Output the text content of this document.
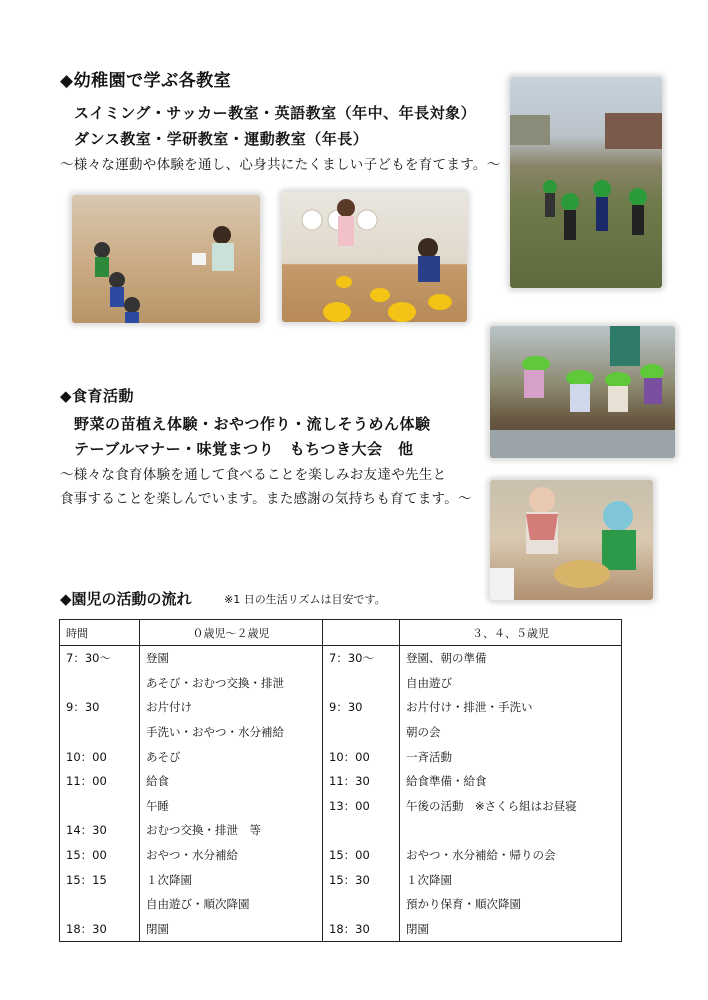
◆幼稚園で学ぶ各教室
スイミング・サッカー教室・英語教室（年中、年長対象）
ダンス教室・学研教室・運動教室（年長）
～様々な運動や体験を通し、心身共にたくましい子どもを育てます。～
◆食育活動
野菜の苗植え体験・おやつ作り・流しそうめん体験
テーブルマナー・味覚まつり　もちつき大会　他
～様々な食育体験を通して食べることを楽しみお友達や先生と
食事することを楽しんでいます。また感謝の気持ちも育てます。～
◆園児の活動の流れ	※1 日の生活リズムは目安です。
時間	０歳児～２歳児		３、４、５歳児
7：30～	登園	7：30～	登園、朝の準備
	あそび・おむつ交換・排泄		自由遊び
9：30	お片付け	9：30	お片付け・排泄・手洗い
	手洗い・おやつ・水分補給		朝の会
10：00	あそび	10：00	一斉活動
11：00	給食	11：30	給食準備・給食
	午睡	13：00	午後の活動　※さくら組はお昼寝
14：30	おむつ交換・排泄　等		
15：00	おやつ・水分補給	15：00	おやつ・水分補給・帰りの会
15：15	１次降園	15：30	１次降園
	自由遊び・順次降園		預かり保育・順次降園
18：30	閉園	18：30	閉園
